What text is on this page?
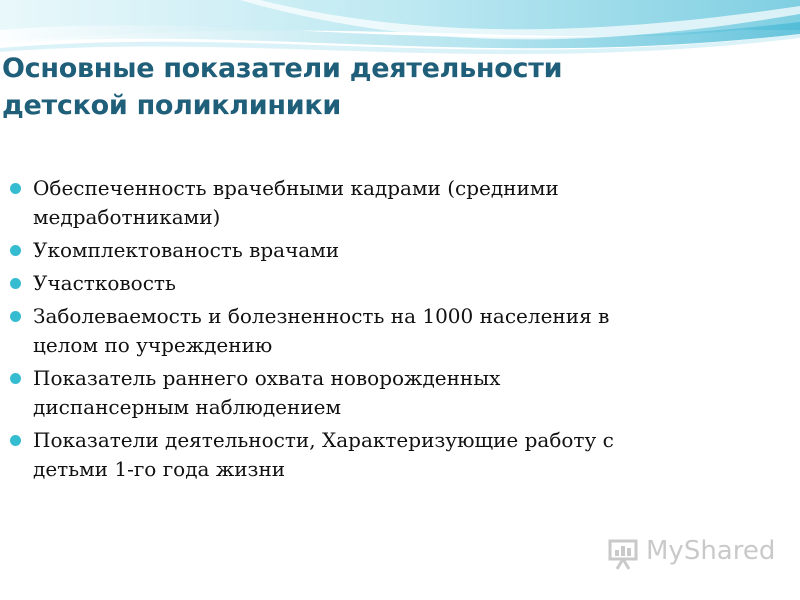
Основные показатели деятельности
детской поликлиники
Обеспеченность врачебными кадрами (средними
медработниками)
Укомплектованость врачами
Участковость
Заболеваемость и болезненность на 1000 населения в
целом по учреждению
Показатель раннего охвата новорожденных
диспансерным наблюдением
Показатели деятельности, Характеризующие работу с
детьми 1-го года жизни
MyShared
